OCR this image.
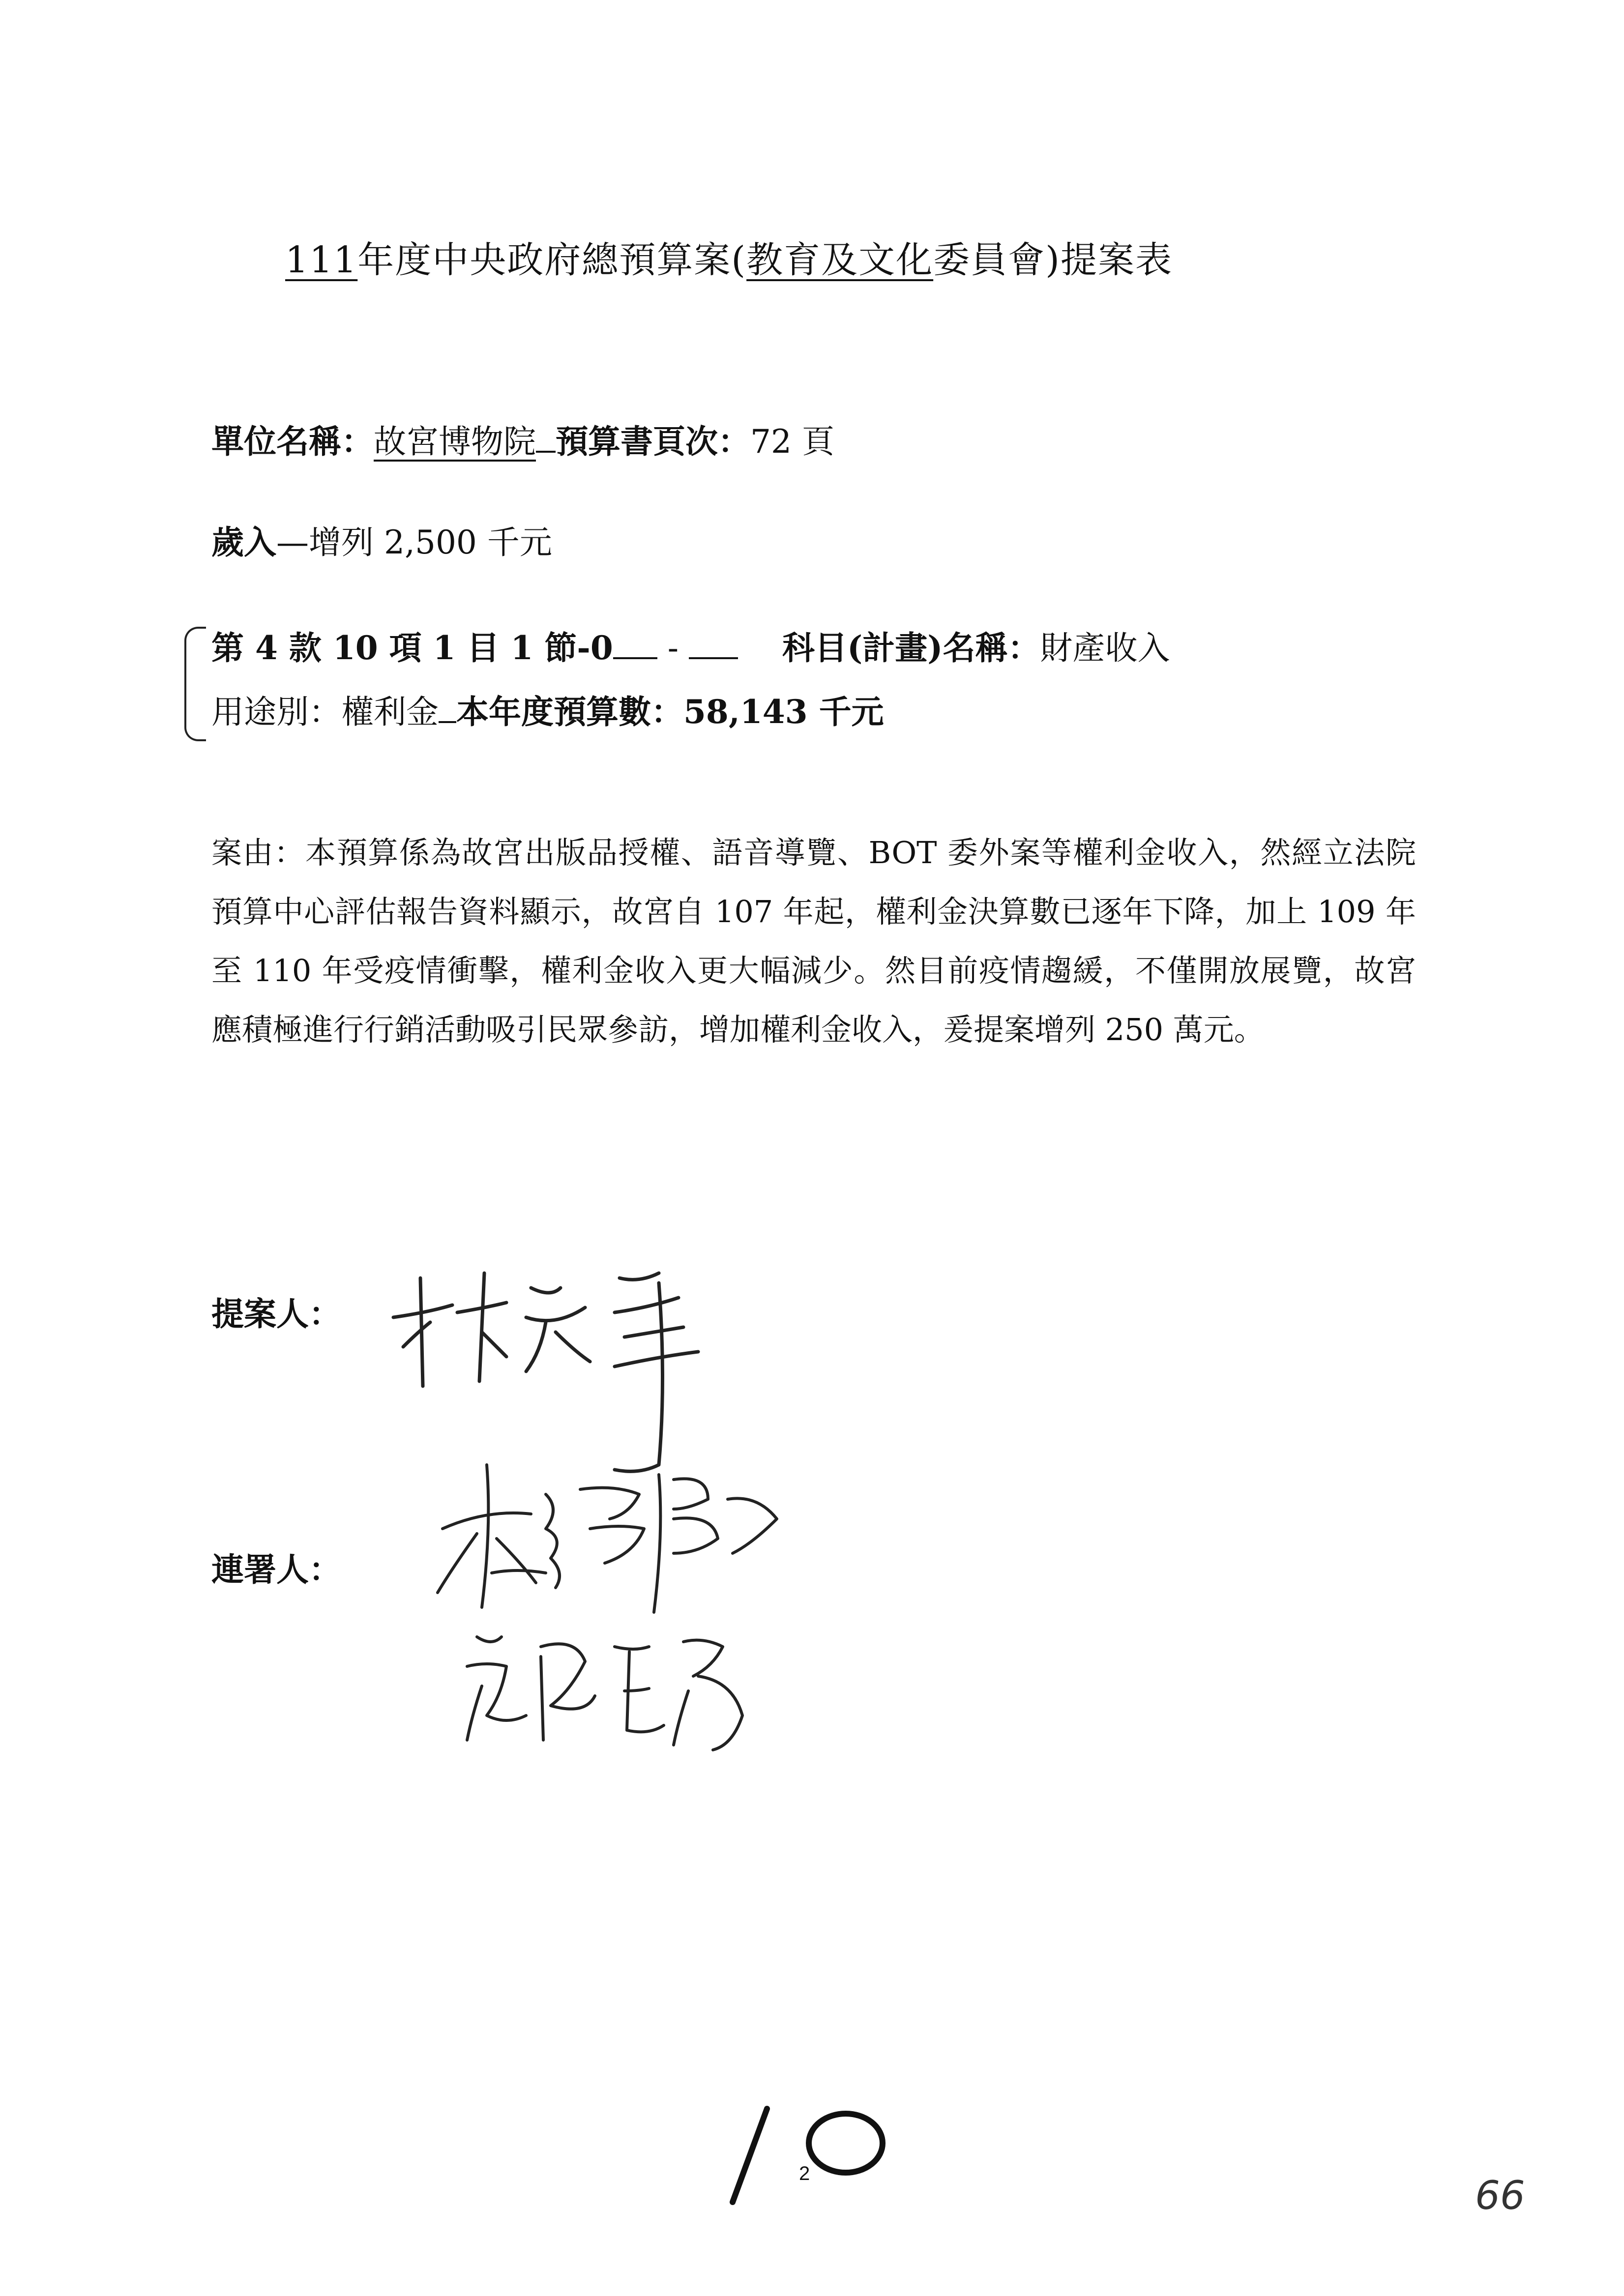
111年度中央政府總預算案(教育及文化委員會)提案表
單位名稱：故宮博物院 預算書頁次：72 頁
歲入—增列 2,500 千元
第 4 款 10 項 1 目 1 節-0 -	科目(計畫)名稱：財產收入
用途別：權利金 本年度預算數：58,143 千元
案由：本預算係為故宮出版品授權、語音導覽、BOT 委外案等權利金收入，然經立法院預算中心評估報告資料顯示，故宮自 107 年起，權利金決算數已逐年下降，加上 109 年至 110 年受疫情衝擊，權利金收入更大幅減少。然目前疫情趨緩，不僅開放展覽，故宮應積極進行行銷活動吸引民眾參訪，增加權利金收入，爰提案增列 250 萬元。
提案人：
連署人：
2	66
